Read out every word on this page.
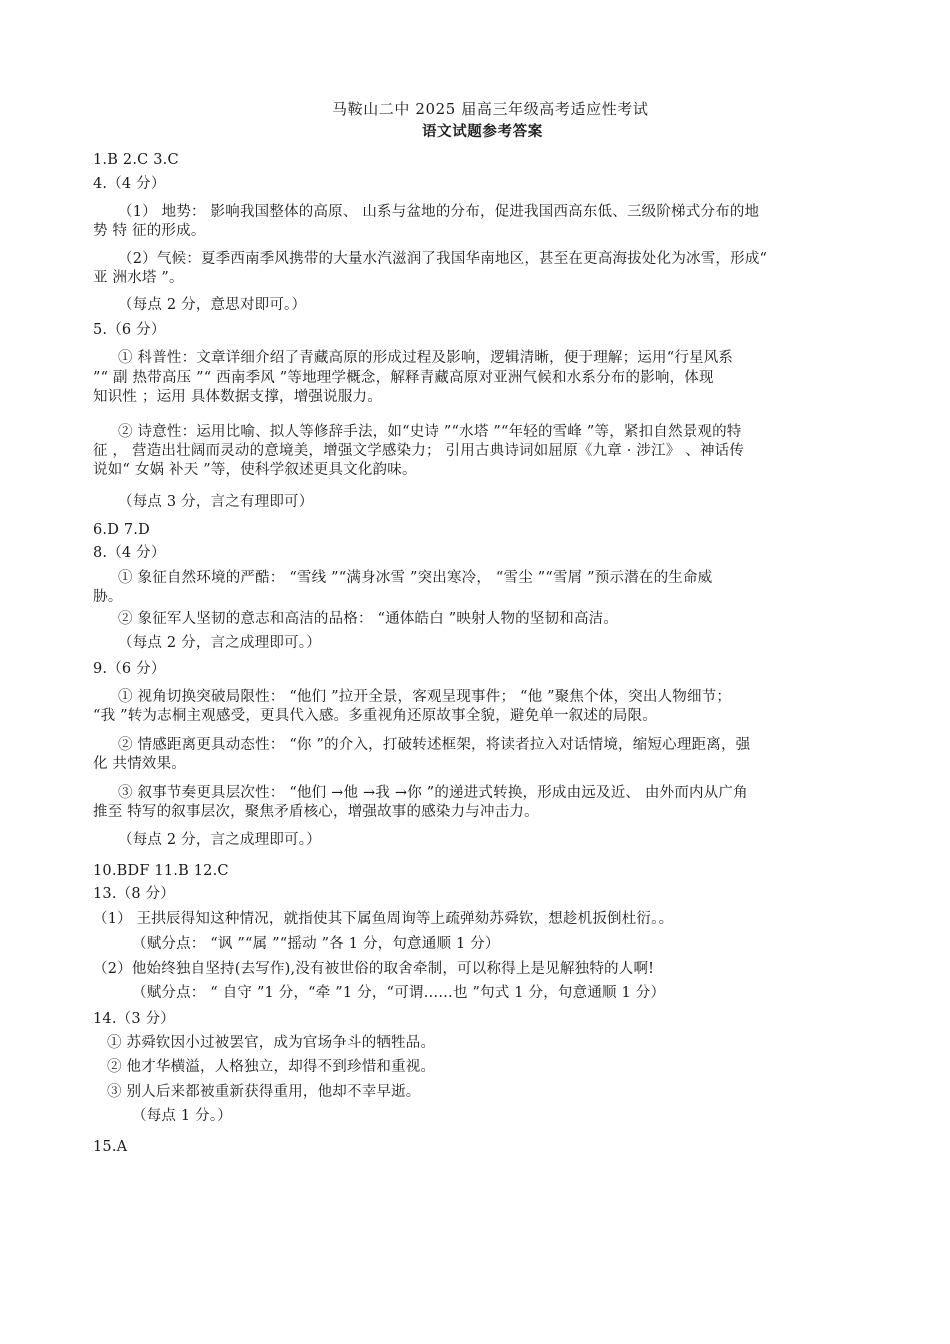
马鞍山二中 2025 届高三年级高考适应性考试
语文试题参考答案
1.B 2.C 3.C
4.（4 分）
（1） 地势： 影响我国整体的高原、 山系与盆地的分布，促进我国西高东低、三级阶梯式分布的地
势 特 征的形成。
（2）气候：夏季西南季风携带的大量水汽滋润了我国华南地区，甚至在更高海拔处化为冰雪，形成“
亚 洲水塔 ”。
（每点 2 分，意思对即可。）
5.（6 分）
① 科普性：文章详细介绍了青藏高原的形成过程及影响，逻辑清晰，便于理解；运用“行星风系
”“ 副 热带高压 ”“ 西南季风 ”等地理学概念，解释青藏高原对亚洲气候和水系分布的影响，体现
知识性 ；运用 具体数据支撑，增强说服力。
② 诗意性：运用比喻、拟人等修辞手法，如“史诗 ”“水塔 ”“年轻的雪峰 ”等，紧扣自然景观的特
征 ， 营造出壮阔而灵动的意境美，增强文学感染力； 引用古典诗词如屈原《九章 · 涉江》 、神话传
说如“ 女娲 补天 ”等，使科学叙述更具文化韵味。
（每点 3 分，言之有理即可）
6.D 7.D
8.（4 分）
① 象征自然环境的严酷： “雪线 ”“满身冰雪 ”突出寒冷， “雪尘 ”“雪屑 ”预示潜在的生命威
胁。
② 象征军人坚韧的意志和高洁的品格： “通体皓白 ”映射人物的坚韧和高洁。
（每点 2 分，言之成理即可。）
9.（6 分）
① 视角切换突破局限性： “他们 ”拉开全景，客观呈现事件； “他 ”聚焦个体，突出人物细节；
“我 ”转为志桐主观感受，更具代入感。多重视角还原故事全貌，避免单一叙述的局限。
② 情感距离更具动态性： “你 ”的介入，打破转述框架，将读者拉入对话情境，缩短心理距离，强
化 共情效果。
③ 叙事节奏更具层次性： “他们 →他 →我 →你 ”的递进式转换，形成由远及近、 由外而内从广角
推至 特写的叙事层次，聚焦矛盾核心，增强故事的感染力与冲击力。
（每点 2 分，言之成理即可。）
10.BDF 11.B 12.C
13.（8 分）
（1） 王拱辰得知这种情况，就指使其下属鱼周询等上疏弹劾苏舜钦，想趁机扳倒杜衍。。
（赋分点： “讽 ”“属 ”“摇动 ”各 1 分，句意通顺 1 分）
（2）他始终独自坚持(去写作),没有被世俗的取舍牵制，可以称得上是见解独特的人啊!
（赋分点： “ 自守 ”1 分，“牵 ”1 分，“可谓……也 ”句式 1 分，句意通顺 1 分）
14.（3 分）
① 苏舜钦因小过被罢官，成为官场争斗的牺牲品。
② 他才华横溢，人格独立，却得不到珍惜和重视。
③ 别人后来都被重新获得重用，他却不幸早逝。
（每点 1 分。）
15.A
